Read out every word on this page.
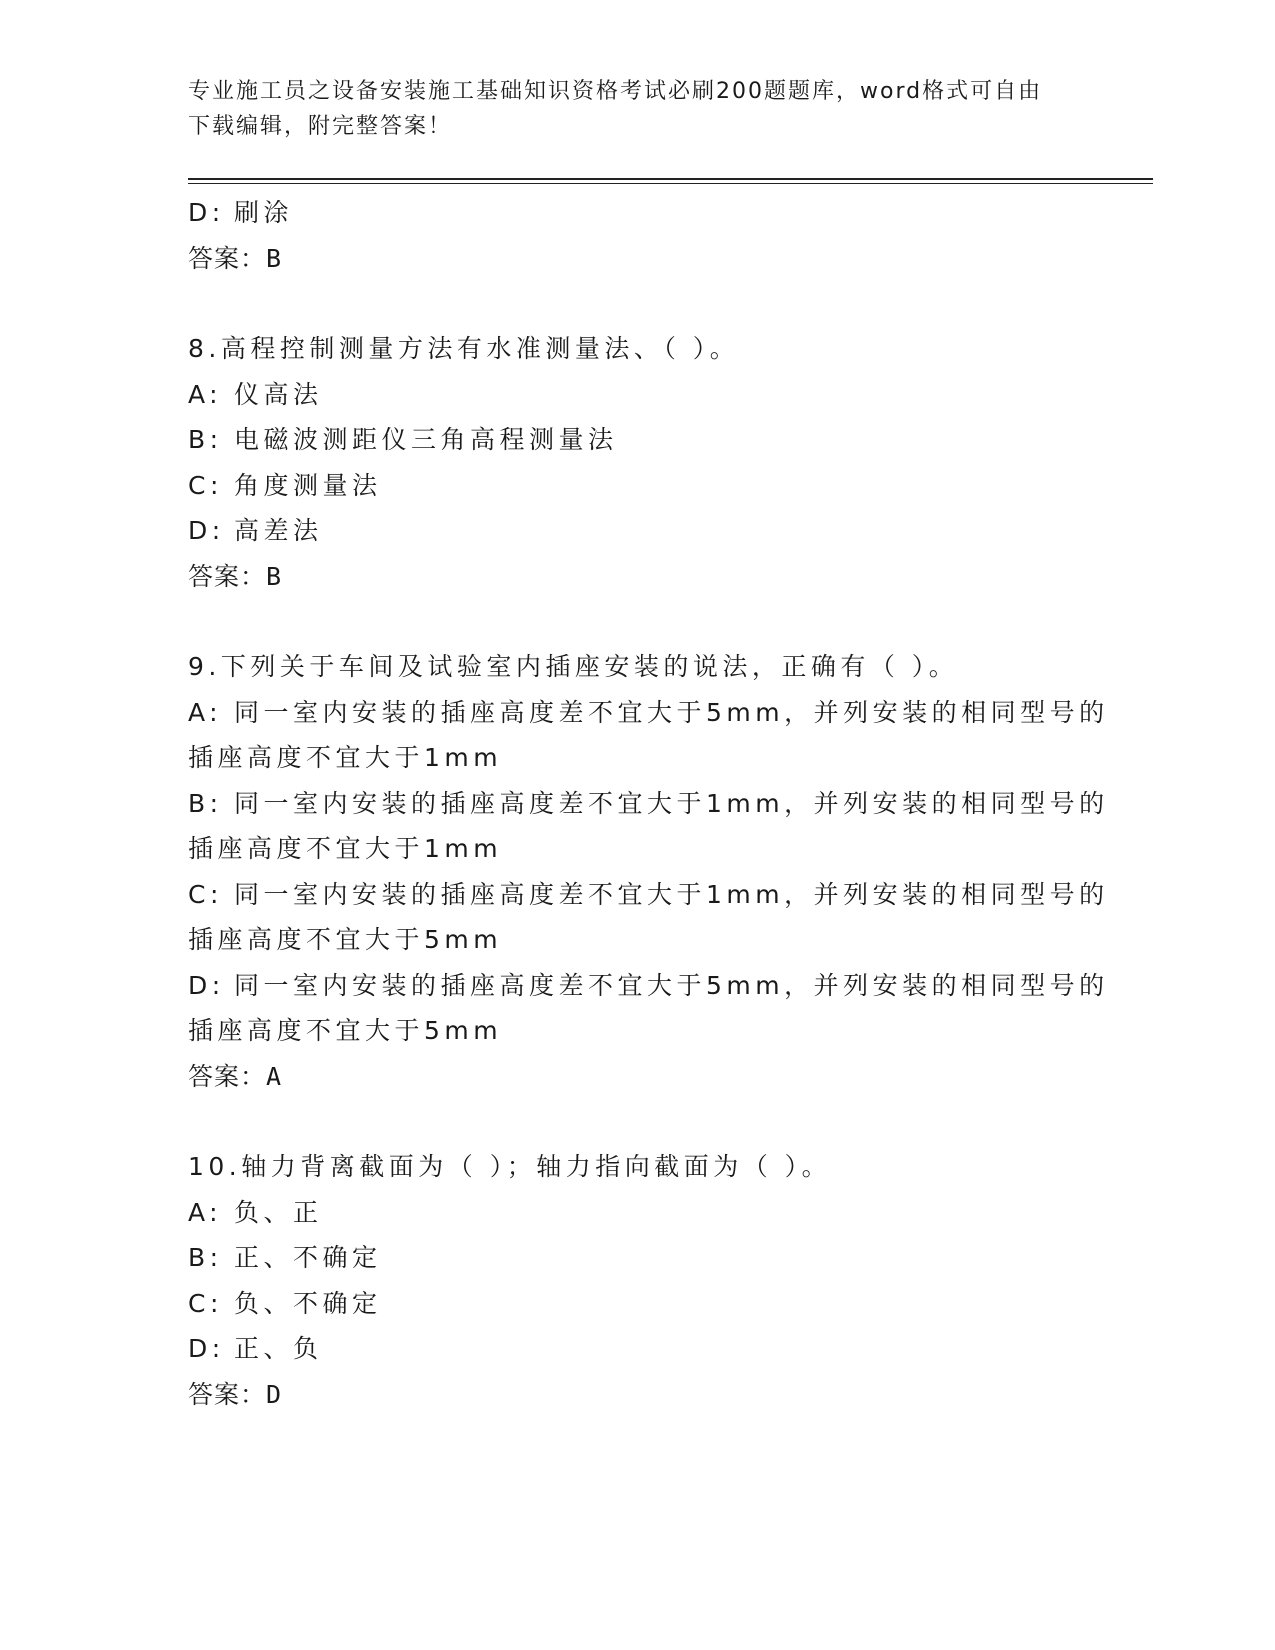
专业施工员之设备安装施工基础知识资格考试必刷200题题库，word格式可自由
下载编辑，附完整答案！
D: 刷涂
答案：B
8.高程控制测量方法有水准测量法、（ ）。
A: 仪高法
B: 电磁波测距仪三角高程测量法
C: 角度测量法
D: 高差法
答案：B
9.下列关于车间及试验室内插座安装的说法，正确有（ ）。
A: 同一室内安装的插座高度差不宜大于5mm，并列安装的相同型号的
插座高度不宜大于1mm
B: 同一室内安装的插座高度差不宜大于1mm，并列安装的相同型号的
插座高度不宜大于1mm
C: 同一室内安装的插座高度差不宜大于1mm，并列安装的相同型号的
插座高度不宜大于5mm
D: 同一室内安装的插座高度差不宜大于5mm，并列安装的相同型号的
插座高度不宜大于5mm
答案：A
10.轴力背离截面为（ ）；轴力指向截面为（ ）。
A: 负、正
B: 正、不确定
C: 负、不确定
D: 正、负
答案：D
